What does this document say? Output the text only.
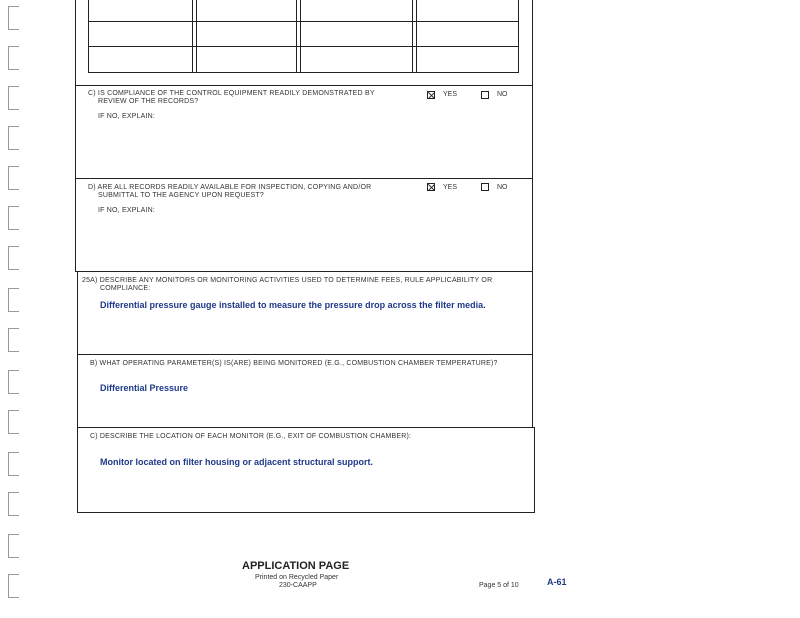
C) IS COMPLIANCE OF THE CONTROL EQUIPMENT READILY DEMONSTRATED BY
REVIEW OF THE RECORDS?
YES	NO
IF NO, EXPLAIN:
D) ARE ALL RECORDS READILY AVAILABLE FOR INSPECTION, COPYING AND/OR
SUBMITTAL TO THE AGENCY UPON REQUEST?
YES	NO
IF NO, EXPLAIN:
25A) DESCRIBE ANY MONITORS OR MONITORING ACTIVITIES USED TO DETERMINE FEES, RULE APPLICABILITY OR
COMPLIANCE:
Differential pressure gauge installed to measure the pressure drop across the filter media.
B) WHAT OPERATING PARAMETER(S) IS(ARE) BEING MONITORED (E.G., COMBUSTION CHAMBER TEMPERATURE)?
Differential Pressure
C) DESCRIBE THE LOCATION OF EACH MONITOR (E.G., EXIT OF COMBUSTION CHAMBER):
Monitor located on filter housing or adjacent structural support.
APPLICATION PAGE
Printed on Recycled Paper
230-CAAPP	Page 5 of 10	A-61
